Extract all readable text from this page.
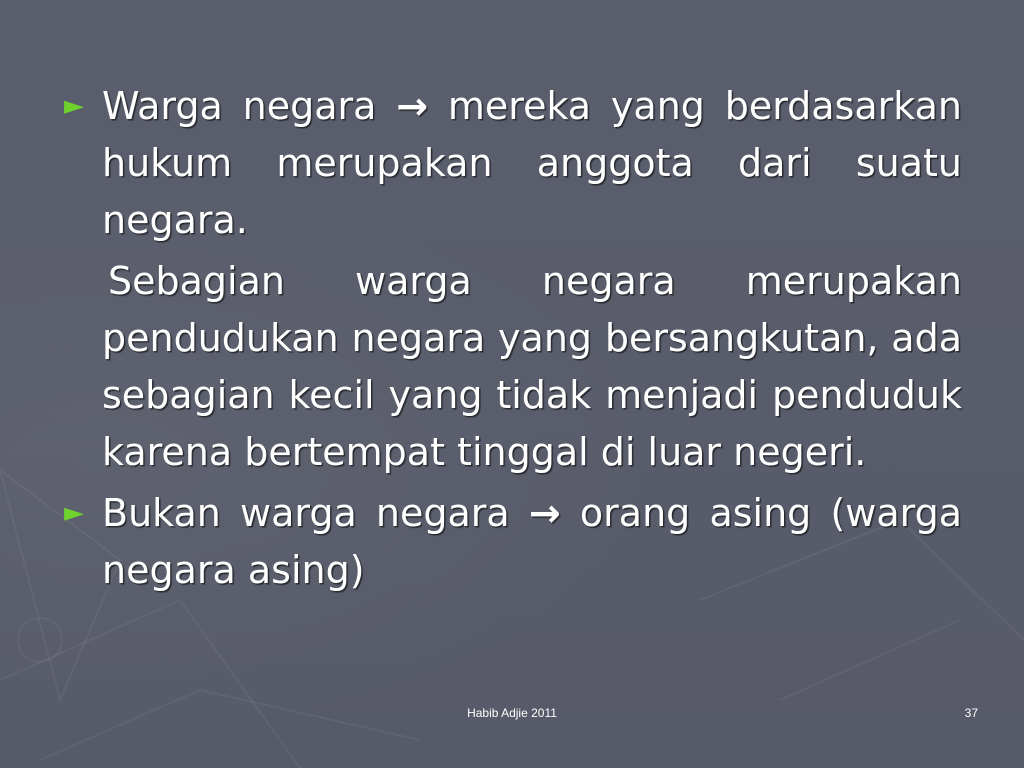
► Warga negara → mereka yang berdasarkan hukum merupakan anggota dari suatu negara.

Sebagian warga negara merupakan pendudukan negara yang bersangkutan, ada sebagian kecil yang tidak menjadi penduduk karena bertempat tinggal di luar negeri.

► Bukan warga negara → orang asing (warga negara asing)

Habib Adjie 2011	37
